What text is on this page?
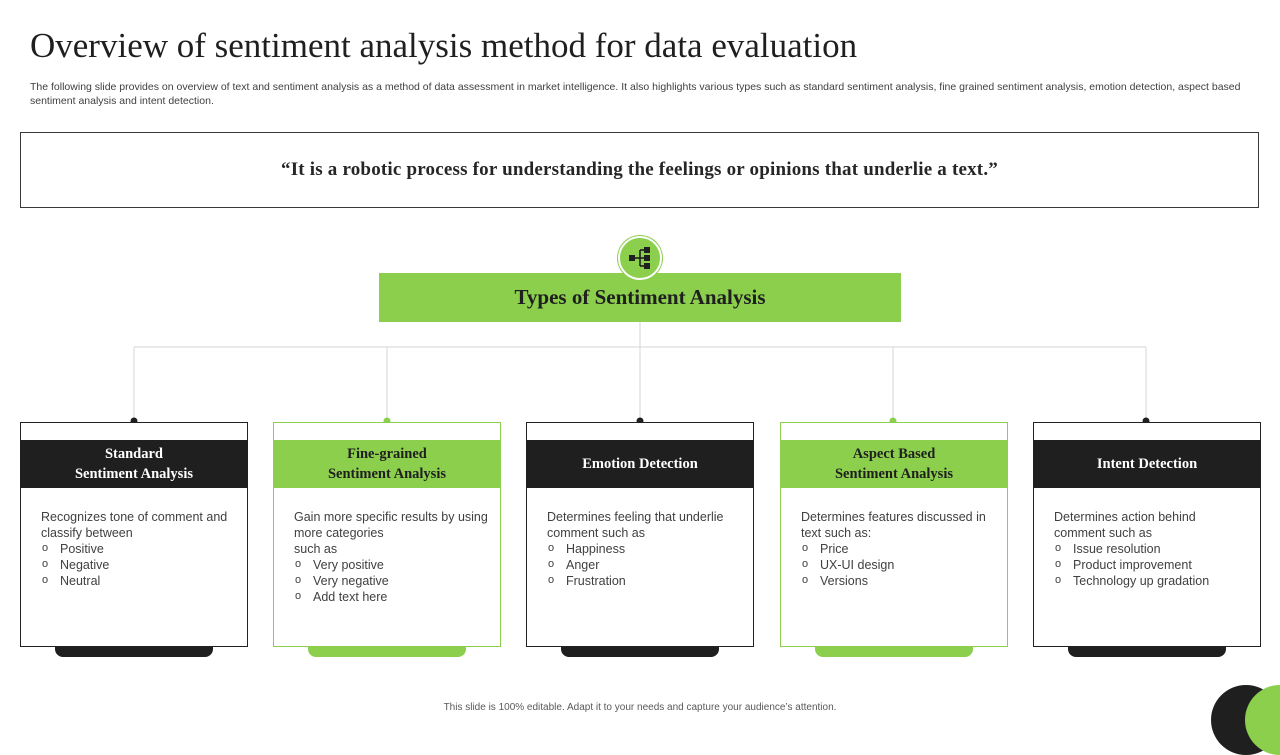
Overview of sentiment analysis method for data evaluation
The following slide provides on overview of text and sentiment analysis as a method of data assessment in market intelligence. It also highlights various types such as standard sentiment analysis, fine grained sentiment analysis, emotion detection, aspect based sentiment analysis and intent detection.
“It is a robotic process for understanding the feelings or opinions that underlie a text.”
Types of Sentiment Analysis
Standard
Sentiment Analysis
Recognizes tone of comment and classify between
o Positive
o Negative
o Neutral
Fine-grained
Sentiment Analysis
Gain more specific results by using more categories
such as
o Very positive
o Very negative
o Add text here
Emotion Detection
Determines feeling that underlie comment such as
o Happiness
o Anger
o Frustration
Aspect Based
Sentiment Analysis
Determines features discussed in text such as:
o Price
o UX-UI design
o Versions
Intent Detection
Determines action behind comment such as
o Issue resolution
o Product improvement
o Technology up gradation
This slide is 100% editable. Adapt it to your needs and capture your audience’s attention.
